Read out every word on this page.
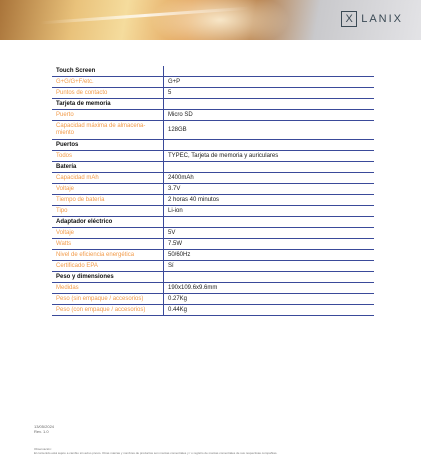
X LANIX
Touch Screen	

G+G/G+F/etc.	G+P

Puntos de contacto	5

Tarjeta de memoria	

Puerto	Micro SD

Capacidad máxima de almacena-miento	128GB

Puertos	

Todos	TYPEC, Tarjeta de memoria y auriculares

Batería	

Capacidad mAh	2400mAh

Voltaje	3.7V

Tiempo de batería	2 horas 40 minutos

Tipo	Li-ion

Adaptador eléctrico	

Voltaje	5V

Watts	7.5W

Nivel de eficiencia energética	50/60Hz

Certificado EPA	Sí

Peso y dimensiones	

Medidas	190x109.6x9.6mm

Peso (sin empaque / accesorios)	0.27Kg

Peso (con empaque / accesorios)	0.44Kg
13/05/2024
Rev. 1.0
Observación:
El contenido está sujeto a cambio sin aviso previo. Otras marcas y nombres de productos son marcas comerciales y / o registro de marcas comerciales de sus respectivas compañías.
